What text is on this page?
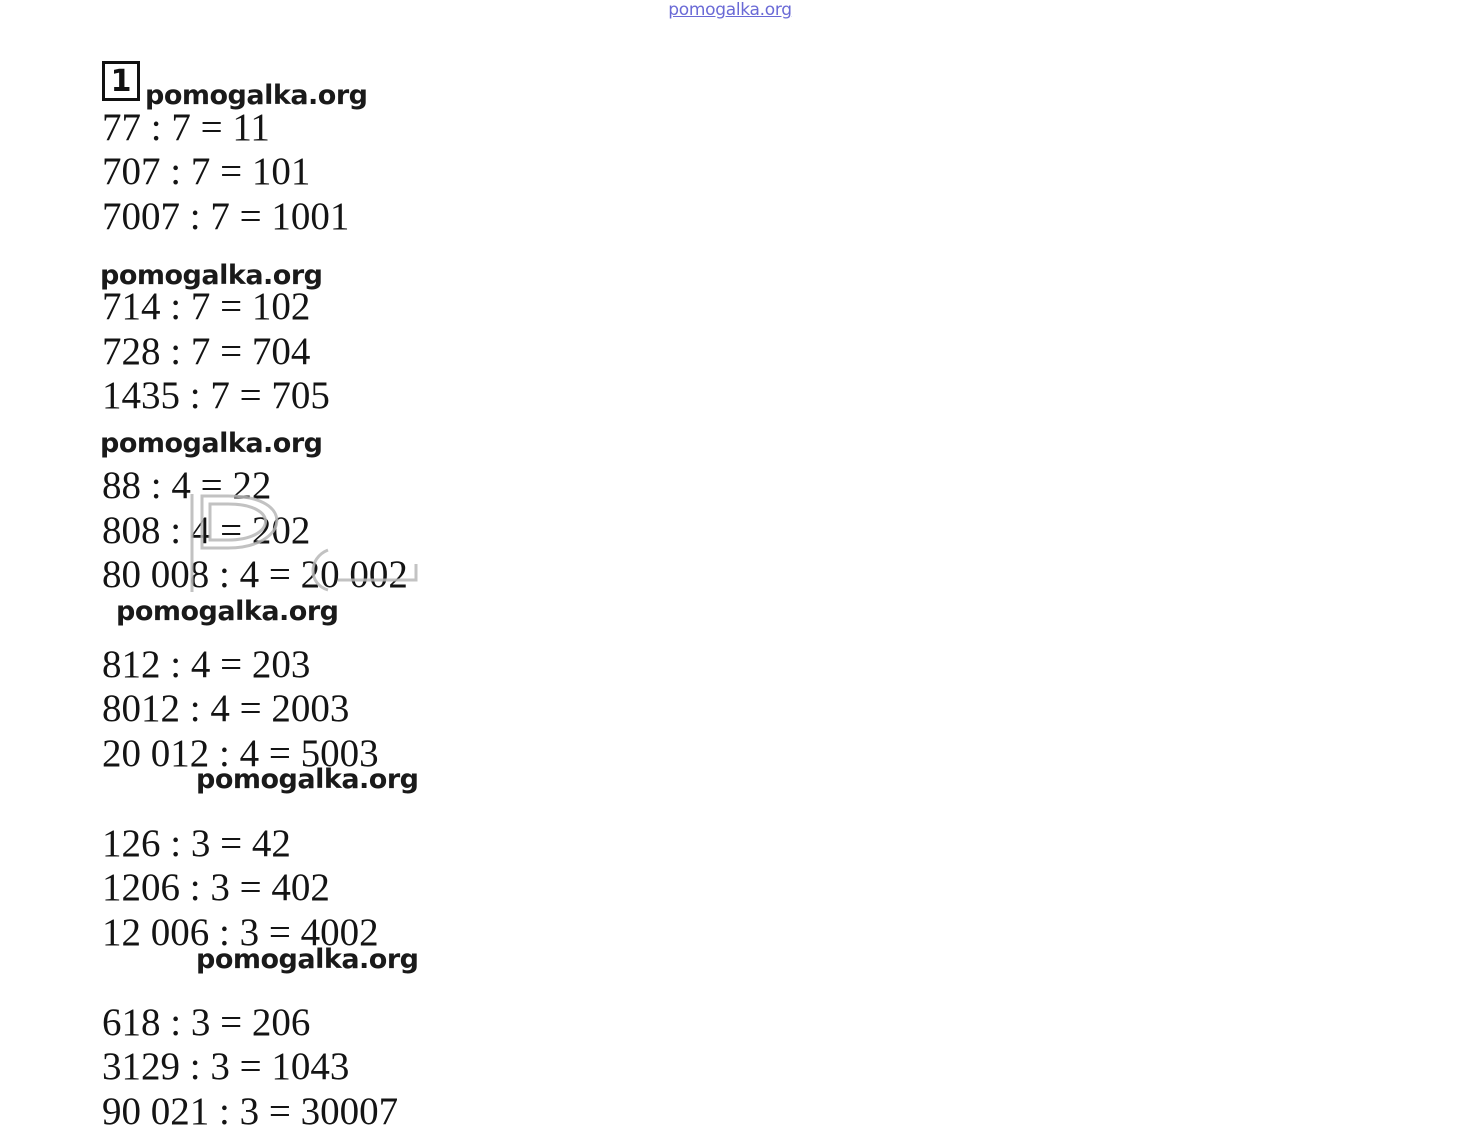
pomogalka.org
1 pomogalka.org
pomogalka.org
pomogalka.org
pomogalka.org
pomogalka.org
pomogalka.org
77 : 7 = 11
707 : 7 = 101
7007 : 7 = 1001
714 : 7 = 102
728 : 7 = 704
1435 : 7 = 705
88 : 4 = 22
808 : 4 = 202
80 008 : 4 = 20 002
812 : 4 = 203
8012 : 4 = 2003
20 012 : 4 = 5003
126 : 3 = 42
1206 : 3 = 402
12 006 : 3 = 4002
618 : 3 = 206
3129 : 3 = 1043
90 021 : 3 = 30007
